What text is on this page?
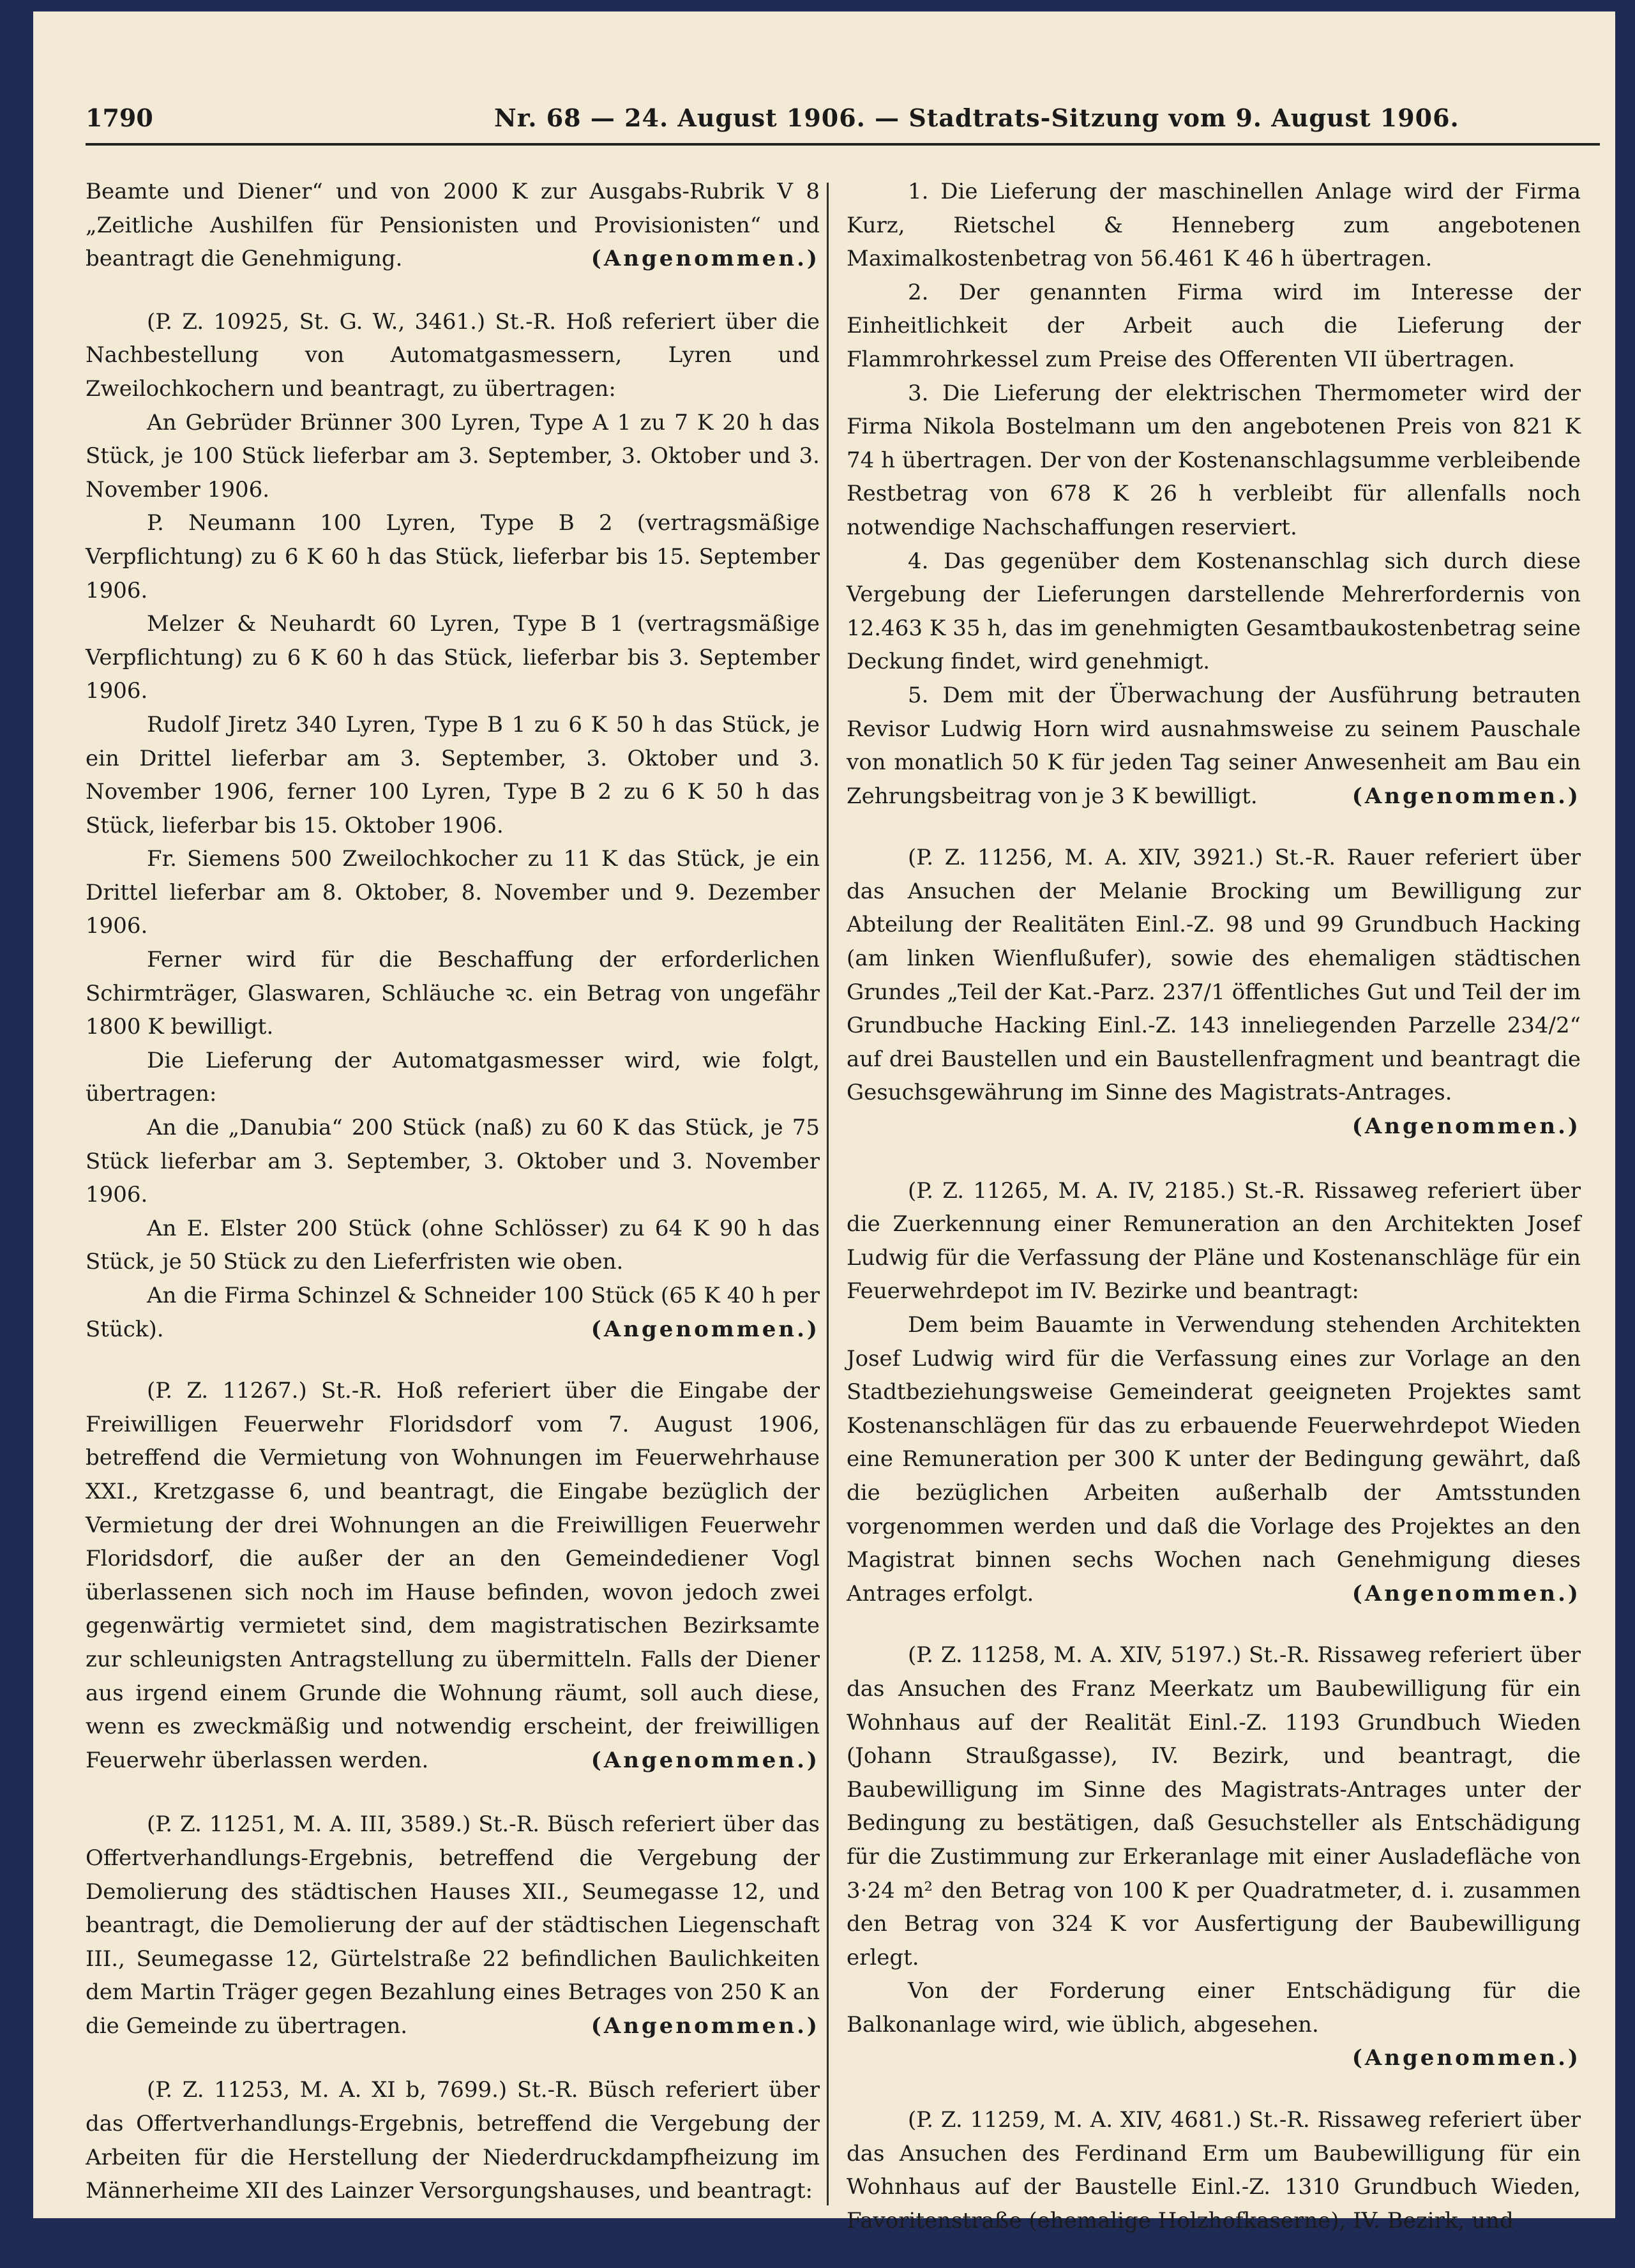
1790	Nr. 68 — 24. August 1906. — Stadtrats-Sitzung vom 9. August 1906.

Beamte und Diener“ und von 2000 K zur Ausgabs-Rubrik V 8 „Zeitliche Aushilfen für Pensionisten und Provisionisten“ und beantragt die Genehmigung.	(Angenommen.)

(P. Z. 10925, St. G. W., 3461.) St.-R. Hoß referiert über die Nachbestellung von Automatgasmessern, Lyren und Zweilochkochern und beantragt, zu übertragen:

An Gebrüder Brünner 300 Lyren, Type A 1 zu 7 K 20 h das Stück, je 100 Stück lieferbar am 3. September, 3. Oktober und 3. November 1906.

P. Neumann 100 Lyren, Type B 2 (vertragsmäßige Verpflichtung) zu 6 K 60 h das Stück, lieferbar bis 15. September 1906.

Melzer & Neuhardt 60 Lyren, Type B 1 (vertragsmäßige Verpflichtung) zu 6 K 60 h das Stück, lieferbar bis 3. September 1906.

Rudolf Jiretz 340 Lyren, Type B 1 zu 6 K 50 h das Stück, je ein Drittel lieferbar am 3. September, 3. Oktober und 3. November 1906, ferner 100 Lyren, Type B 2 zu 6 K 50 h das Stück, lieferbar bis 15. Oktober 1906.

Fr. Siemens 500 Zweilochkocher zu 11 K das Stück, je ein Drittel lieferbar am 8. Oktober, 8. November und 9. Dezember 1906.

Ferner wird für die Beschaffung der erforderlichen Schirmträger, Glaswaren, Schläuche ꝛc. ein Betrag von ungefähr 1800 K bewilligt.

Die Lieferung der Automatgasmesser wird, wie folgt, übertragen:

An die „Danubia“ 200 Stück (naß) zu 60 K das Stück, je 75 Stück lieferbar am 3. September, 3. Oktober und 3. November 1906.

An E. Elster 200 Stück (ohne Schlösser) zu 64 K 90 h das Stück, je 50 Stück zu den Lieferfristen wie oben.

An die Firma Schinzel & Schneider 100 Stück (65 K 40 h per Stück).	(Angenommen.)

(P. Z. 11267.) St.-R. Hoß referiert über die Eingabe der Freiwilligen Feuerwehr Floridsdorf vom 7. August 1906, betreffend die Vermietung von Wohnungen im Feuerwehrhause XXI., Kretzgasse 6, und beantragt, die Eingabe bezüglich der Vermietung der drei Wohnungen an die Freiwilligen Feuerwehr Floridsdorf, die außer der an den Gemeindediener Vogl überlassenen sich noch im Hause befinden, wovon jedoch zwei gegenwärtig vermietet sind, dem magistratischen Bezirksamte zur schleunigsten Antragstellung zu übermitteln. Falls der Diener aus irgend einem Grunde die Wohnung räumt, soll auch diese, wenn es zweckmäßig und notwendig erscheint, der freiwilligen Feuerwehr überlassen werden.	(Angenommen.)

(P. Z. 11251, M. A. III, 3589.) St.-R. Büsch referiert über das Offertverhandlungs-Ergebnis, betreffend die Vergebung der Demolierung des städtischen Hauses XII., Seumegasse 12, und beantragt, die Demolierung der auf der städtischen Liegenschaft III., Seumegasse 12, Gürtelstraße 22 befindlichen Baulichkeiten dem Martin Träger gegen Bezahlung eines Betrages von 250 K an die Gemeinde zu übertragen.	(Angenommen.)

(P. Z. 11253, M. A. XI b, 7699.) St.-R. Büsch referiert über das Offertverhandlungs-Ergebnis, betreffend die Vergebung der Arbeiten für die Herstellung der Niederdruckdampfheizung im Männerheime XII des Lainzer Versorgungshauses, und beantragt:

1. Die Lieferung der maschinellen Anlage wird der Firma Kurz, Rietschel & Henneberg zum angebotenen Maximalkostenbetrag von 56.461 K 46 h übertragen.

2. Der genannten Firma wird im Interesse der Einheitlichkeit der Arbeit auch die Lieferung der Flammrohrkessel zum Preise des Offerenten VII übertragen.

3. Die Lieferung der elektrischen Thermometer wird der Firma Nikola Bostelmann um den angebotenen Preis von 821 K 74 h übertragen. Der von der Kostenanschlagsumme verbleibende Restbetrag von 678 K 26 h verbleibt für allenfalls noch notwendige Nachschaffungen reserviert.

4. Das gegenüber dem Kostenanschlag sich durch diese Vergebung der Lieferungen darstellende Mehrerfordernis von 12.463 K 35 h, das im genehmigten Gesamtbaukostenbetrag seine Deckung findet, wird genehmigt.

5. Dem mit der Überwachung der Ausführung betrauten Revisor Ludwig Horn wird ausnahmsweise zu seinem Pauschale von monatlich 50 K für jeden Tag seiner Anwesenheit am Bau ein Zehrungsbeitrag von je 3 K bewilligt.	(Angenommen.)

(P. Z. 11256, M. A. XIV, 3921.) St.-R. Rauer referiert über das Ansuchen der Melanie Brocking um Bewilligung zur Abteilung der Realitäten Einl.-Z. 98 und 99 Grundbuch Hacking (am linken Wienflußufer), sowie des ehemaligen städtischen Grundes „Teil der Kat.-Parz. 237/1 öffentliches Gut und Teil der im Grundbuche Hacking Einl.-Z. 143 inneliegenden Parzelle 234/2“ auf drei Baustellen und ein Baustellenfragment und beantragt die Gesuchsgewährung im Sinne des Magistrats-Antrages.
(Angenommen.)

(P. Z. 11265, M. A. IV, 2185.) St.-R. Rissaweg referiert über die Zuerkennung einer Remuneration an den Architekten Josef Ludwig für die Verfassung der Pläne und Kostenanschläge für ein Feuerwehrdepot im IV. Bezirke und beantragt:

Dem beim Bauamte in Verwendung stehenden Architekten Josef Ludwig wird für die Verfassung eines zur Vorlage an den Stadtbeziehungsweise Gemeinderat geeigneten Projektes samt Kostenanschlägen für das zu erbauende Feuerwehrdepot Wieden eine Remuneration per 300 K unter der Bedingung gewährt, daß die bezüglichen Arbeiten außerhalb der Amtsstunden vorgenommen werden und daß die Vorlage des Projektes an den Magistrat binnen sechs Wochen nach Genehmigung dieses Antrages erfolgt.	(Angenommen.)

(P. Z. 11258, M. A. XIV, 5197.) St.-R. Rissaweg referiert über das Ansuchen des Franz Meerkatz um Baubewilligung für ein Wohnhaus auf der Realität Einl.-Z. 1193 Grundbuch Wieden (Johann Straußgasse), IV. Bezirk, und beantragt, die Baubewilligung im Sinne des Magistrats-Antrages unter der Bedingung zu bestätigen, daß Gesuchsteller als Entschädigung für die Zustimmung zur Erkeranlage mit einer Ausladefläche von 3·24 m² den Betrag von 100 K per Quadratmeter, d. i. zusammen den Betrag von 324 K vor Ausfertigung der Baubewilligung erlegt.

Von der Forderung einer Entschädigung für die Balkonanlage wird, wie üblich, abgesehen.
(Angenommen.)

(P. Z. 11259, M. A. XIV, 4681.) St.-R. Rissaweg referiert über das Ansuchen des Ferdinand Erm um Baubewilligung für ein Wohnhaus auf der Baustelle Einl.-Z. 1310 Grundbuch Wieden, Favoritenstraße (ehemalige Holzhofkaserne), IV. Bezirk, und
